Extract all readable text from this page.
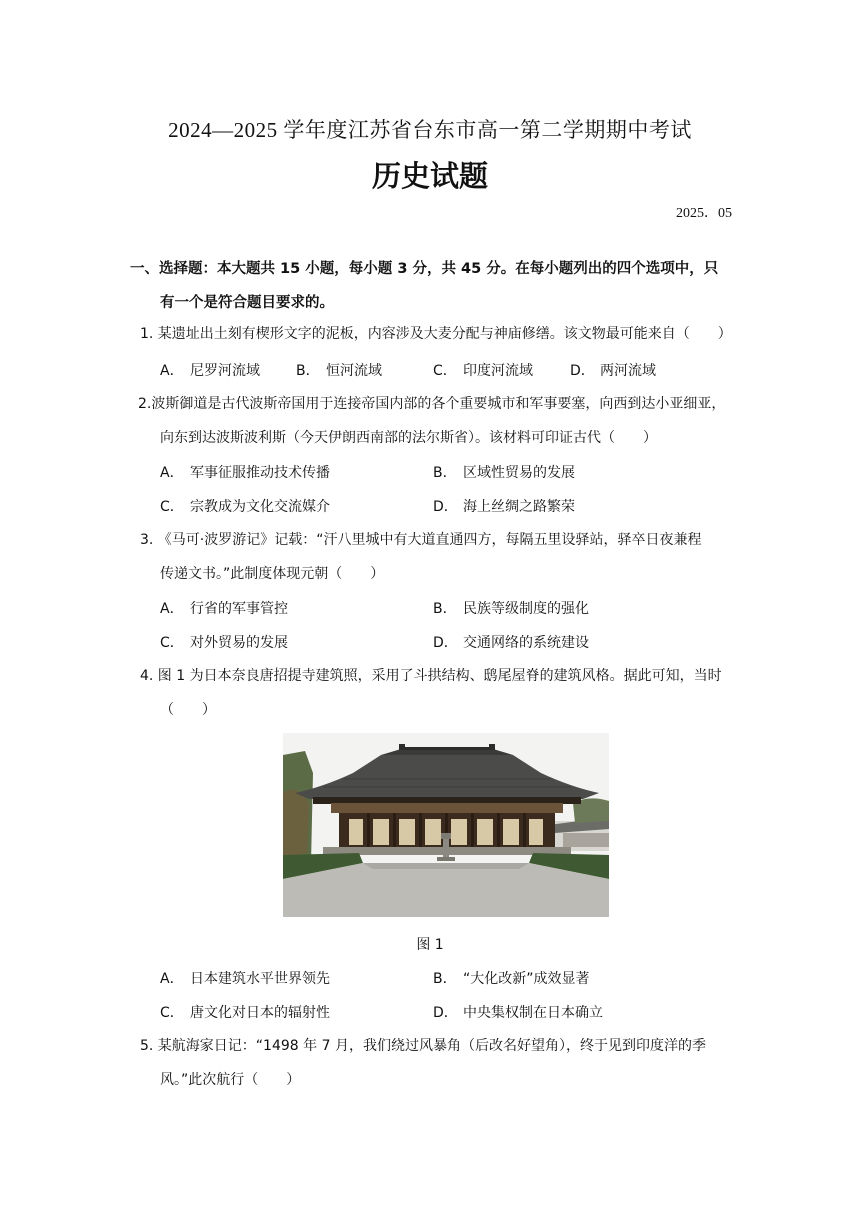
2024—2025 学年度江苏省台东市高一第二学期期中考试
历史试题
2025．05
一、选择题：本大题共 15 小题，每小题 3 分，共 45 分。在每小题列出的四个选项中，只
有一个是符合题目要求的。
1. 某遗址出土刻有楔形文字的泥板，内容涉及大麦分配与神庙修缮。该文物最可能来自（　　）
A． 尼罗河流域	B． 恒河流域	C． 印度河流域	D． 两河流域
2.波斯御道是古代波斯帝国用于连接帝国内部的各个重要城市和军事要塞，向西到达小亚细亚，
向东到达波斯波利斯（今天伊朗西南部的法尔斯省）。该材料可印证古代（　　）
A． 军事征服推动技术传播	B． 区域性贸易的发展
C． 宗教成为文化交流媒介	D． 海上丝绸之路繁荣
3. 《马可·波罗游记》记载：“汗八里城中有大道直通四方，每隔五里设驿站，驿卒日夜兼程
传递文书。”此制度体现元朝（　　）
A． 行省的军事管控	B． 民族等级制度的强化
C． 对外贸易的发展	D． 交通网络的系统建设
4. 图 1 为日本奈良唐招提寺建筑照，采用了斗拱结构、鸱尾屋脊的建筑风格。据此可知，当时
（　　）
图 1
A． 日本建筑水平世界领先	B． “大化改新”成效显著
C． 唐文化对日本的辐射性	D． 中央集权制在日本确立
5. 某航海家日记：“1498 年 7 月，我们绕过风暴角（后改名好望角），终于见到印度洋的季
风。”此次航行（　　）
